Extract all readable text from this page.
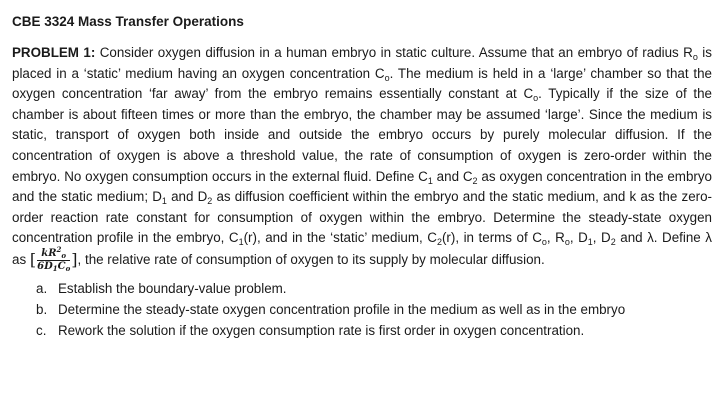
CBE 3324 Mass Transfer Operations

PROBLEM 1: Consider oxygen diffusion in a human embryo in static culture. Assume that an embryo of radius $R_o$ is placed in a ‘static’ medium having an oxygen concentration $C_o$. The medium is held in a ‘large’ chamber so that the oxygen concentration ‘far away’ from the embryo remains essentially constant at $C_o$. Typically if the size of the chamber is about fifteen times or more than the embryo, the chamber may be assumed ‘large’. Since the medium is static, transport of oxygen both inside and outside the embryo occurs by purely molecular diffusion. If the concentration of oxygen is above a threshold value, the rate of consumption of oxygen is zero-order within the embryo. No oxygen consumption occurs in the external fluid. Define $C_1$ and $C_2$ as oxygen concentration in the embryo and the static medium; $D_1$ and $D_2$ as diffusion coefficient within the embryo and the static medium, and k as the zero-order reaction rate constant for consumption of oxygen within the embryo. Determine the steady-state oxygen concentration profile in the embryo, $C_1(r)$, and in the ‘static’ medium, $C_2(r)$, in terms of $C_o$, $R_o$, $D_1$, $D_2$ and λ. Define λ as [ $\frac{kR^2_o}{6D_1C_o}$ ], the relative rate of consumption of oxygen to its supply by molecular diffusion.

a. Establish the boundary-value problem.
b. Determine the steady-state oxygen concentration profile in the medium as well as in the embryo
c. Rework the solution if the oxygen consumption rate is first order in oxygen concentration.
